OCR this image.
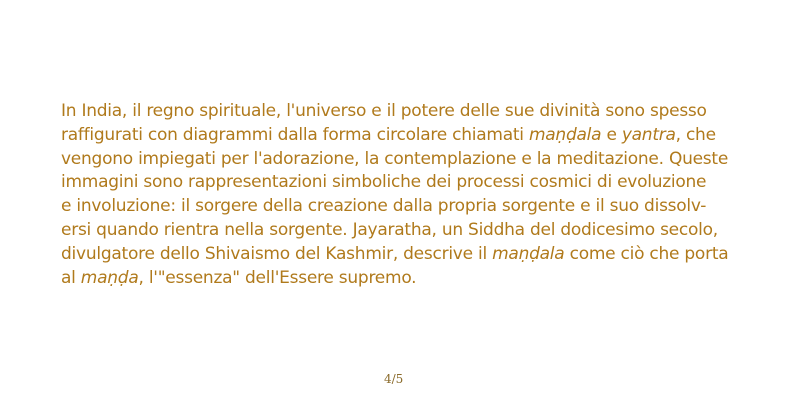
In India, il regno spirituale, l'universo e il potere delle sue divinità sono spesso
raffigurati con diagrammi dalla forma circolare chiamati maṇḍala e yantra, che
vengono impiegati per l'adorazione, la contemplazione e la meditazione. Queste
immagini sono rappresentazioni simboliche dei processi cosmici di evoluzione
e involuzione: il sorgere della creazione dalla propria sorgente e il suo dissolv-
ersi quando rientra nella sorgente. Jayaratha, un Siddha del dodicesimo secolo,
divulgatore dello Shivaismo del Kashmir, descrive il maṇḍala come ciò che porta
al maṇḍa, l'"essenza" dell'Essere supremo.

4/5
